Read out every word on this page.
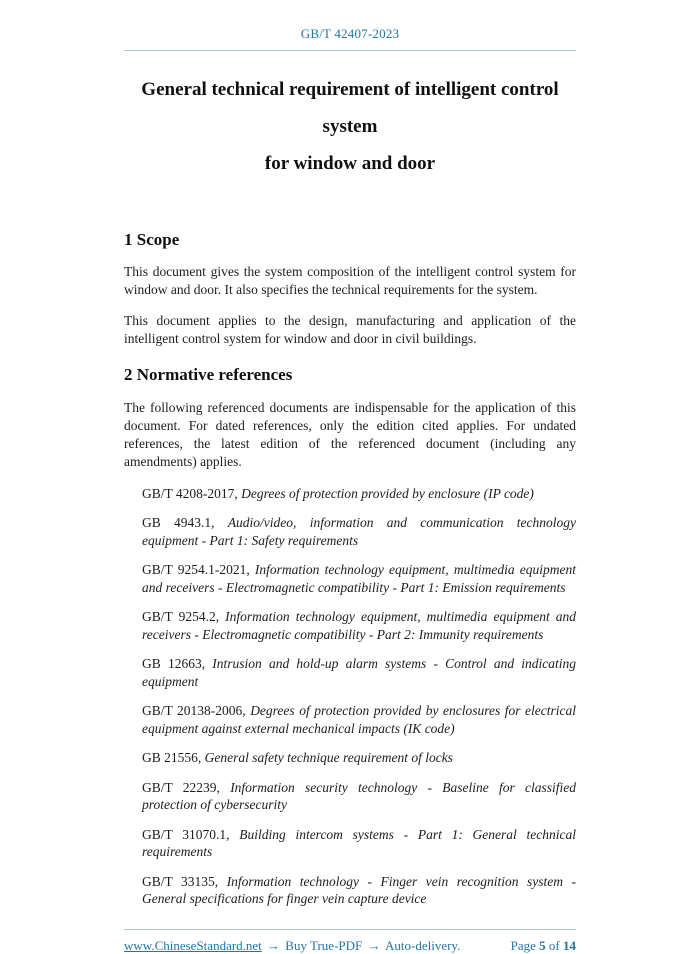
GB/T 42407-2023
General technical requirement of intelligent control system
for window and door
1 Scope

This document gives the system composition of the intelligent control system for window and door. It also specifies the technical requirements for the system.

This document applies to the design, manufacturing and application of the intelligent control system for window and door in civil buildings.

2 Normative references

The following referenced documents are indispensable for the application of this document. For dated references, only the edition cited applies. For undated references, the latest edition of the referenced document (including any amendments) applies.

GB/T 4208-2017, Degrees of protection provided by enclosure (IP code)

GB 4943.1, Audio/video, information and communication technology equipment - Part 1: Safety requirements

GB/T 9254.1-2021, Information technology equipment, multimedia equipment and receivers - Electromagnetic compatibility - Part 1: Emission requirements

GB/T 9254.2, Information technology equipment, multimedia equipment and receivers - Electromagnetic compatibility - Part 2: Immunity requirements

GB 12663, Intrusion and hold-up alarm systems - Control and indicating equipment

GB/T 20138-2006, Degrees of protection provided by enclosures for electrical equipment against external mechanical impacts (IK code)

GB 21556, General safety technique requirement of locks

GB/T 22239, Information security technology - Baseline for classified protection of cybersecurity

GB/T 31070.1, Building intercom systems - Part 1: General technical requirements

GB/T 33135, Information technology - Finger vein recognition system - General specifications for finger vein capture device

www.ChineseStandard.net → Buy True-PDF → Auto-delivery.	Page 5 of 14
